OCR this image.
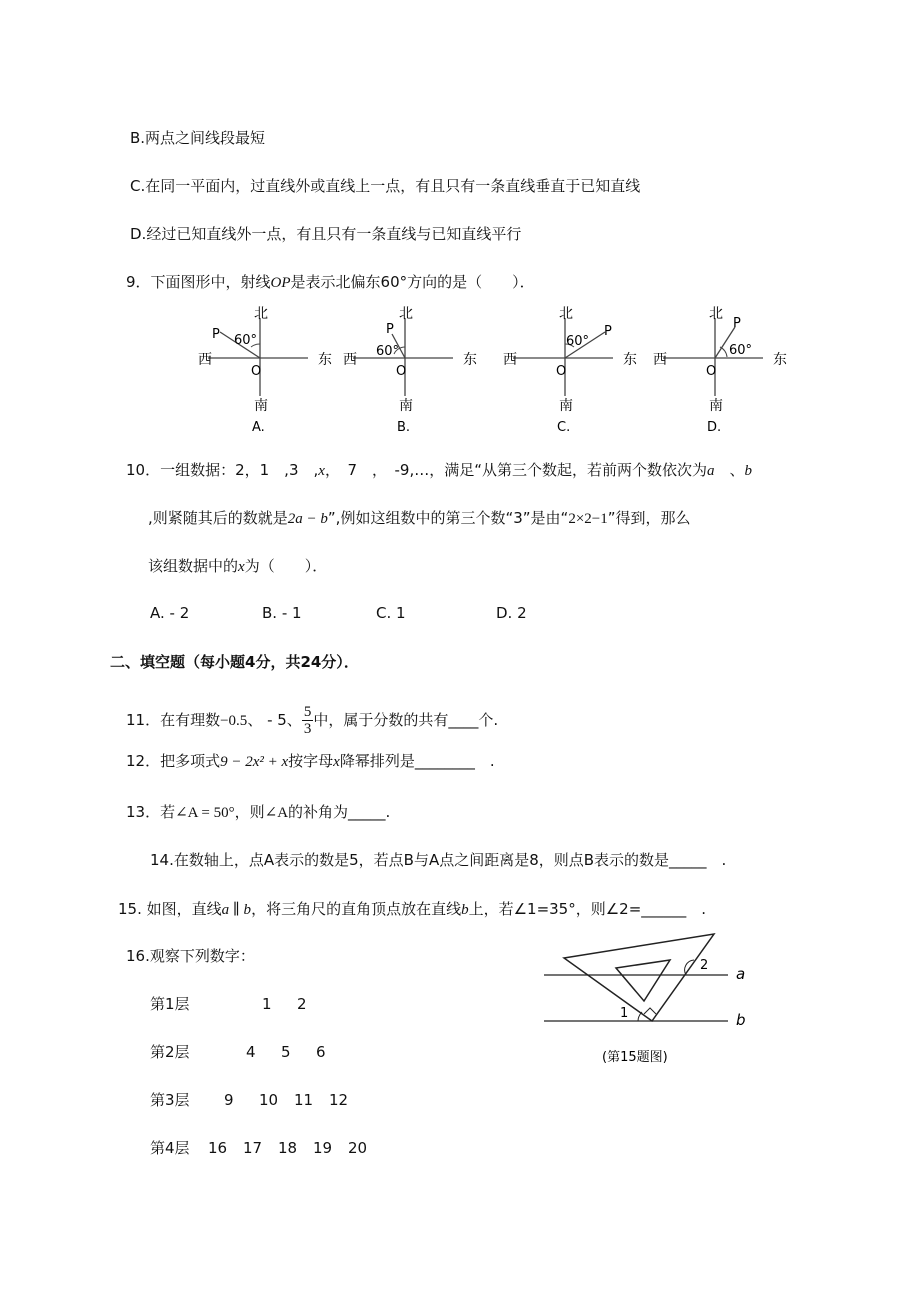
B.两点之间线段最短
C.在同一平面内，过直线外或直线上一点，有且只有一条直线垂直于已知直线
D.经过已知直线外一点，有且只有一条直线与已知直线平行
9．下面图形中，射线OP是表示北偏东60°方向的是（　　）．
北
南
西	东
O
P 60°
A.
北
南
西	东
O
P
60°
B.
北
南
西	东
O
P
60°
C.
北
南
西	东
O
P
60°
D.
10．一组数据：2，1　,3　,x，　7　，　-9,…，满足“从第三个数起，若前两个数依次为a　、b
,则紧随其后的数就是2a − b”,例如这组数中的第三个数“3”是由“2×2−1”得到，那么
该组数据中的x为（　　）．
A. - 2	B. - 1	C. 1	D. 2
二、填空题（每小题4分，共24分）．
11．在有理数−0.5、 - 5、 $\frac{5}{3}$ 中，属于分数的共有____个.
12．把多项式9 − 2x² + x按字母x降幂排列是________　.
13．若∠A = 50°，则∠A的补角为_____.
14.在数轴上，点A表示的数是5，若点B与A点之间距离是8，则点B表示的数是_____　.
15. 如图，直线a ∥ b，将三角尺的直角顶点放在直线b上，若∠1=35°，则∠2=______　.
2 a
1	b
(第15题图)
16.观察下列数字：
第1层	1 2
第2层	4 5 6
第3层 9 10 11 12
第4层 16 17 18 19 20
